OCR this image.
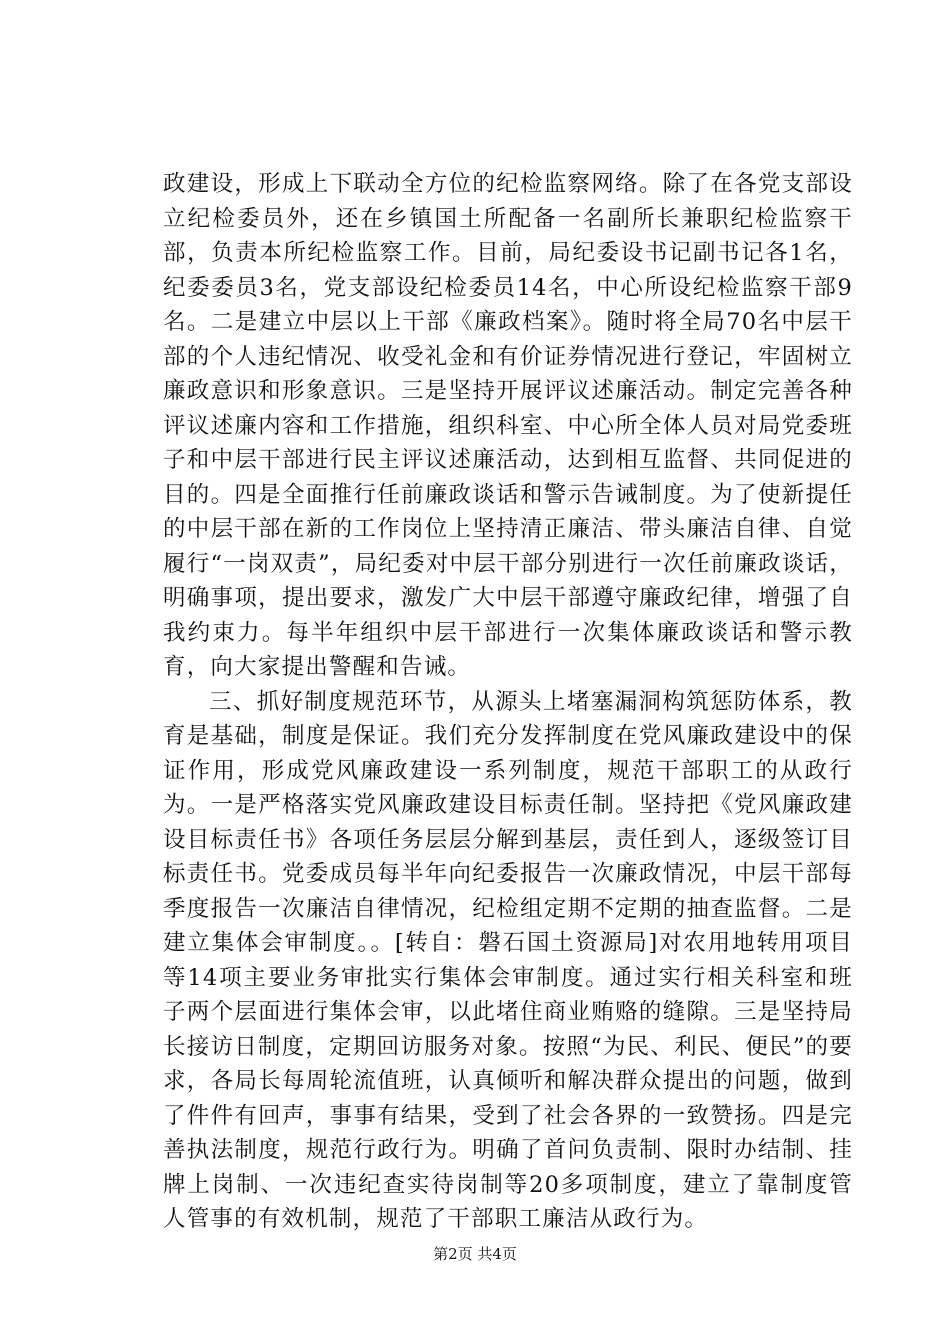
政建设，形成上下联动全方位的纪检监察网络。除了在各党支部设立纪检委员外，还在乡镇国土所配备一名副所长兼职纪检监察干部，负责本所纪检监察工作。目前，局纪委设书记副书记各1名，纪委委员3名，党支部设纪检委员14名，中心所设纪检监察干部9名。二是建立中层以上干部《廉政档案》。随时将全局70名中层干部的个人违纪情况、收受礼金和有价证券情况进行登记，牢固树立廉政意识和形象意识。三是坚持开展评议述廉活动。制定完善各种评议述廉内容和工作措施，组织科室、中心所全体人员对局党委班子和中层干部进行民主评议述廉活动，达到相互监督、共同促进的目的。四是全面推行任前廉政谈话和警示告诫制度。为了使新提任的中层干部在新的工作岗位上坚持清正廉洁、带头廉洁自律、自觉履行“一岗双责”，局纪委对中层干部分别进行一次任前廉政谈话，明确事项，提出要求，激发广大中层干部遵守廉政纪律，增强了自我约束力。每半年组织中层干部进行一次集体廉政谈话和警示教育，向大家提出警醒和告诫。

三、抓好制度规范环节，从源头上堵塞漏洞构筑惩防体系，教育是基础，制度是保证。我们充分发挥制度在党风廉政建设中的保证作用，形成党风廉政建设一系列制度，规范干部职工的从政行为。一是严格落实党风廉政建设目标责任制。坚持把《党风廉政建设目标责任书》各项任务层层分解到基层，责任到人，逐级签订目标责任书。党委成员每半年向纪委报告一次廉政情况，中层干部每季度报告一次廉洁自律情况，纪检组定期不定期的抽查监督。二是建立集体会审制度。。[转自：磐石国土资源局]对农用地转用项目等14项主要业务审批实行集体会审制度。通过实行相关科室和班子两个层面进行集体会审，以此堵住商业贿赂的缝隙。三是坚持局长接访日制度，定期回访服务对象。按照“为民、利民、便民”的要求，各局长每周轮流值班，认真倾听和解决群众提出的问题，做到了件件有回声，事事有结果，受到了社会各界的一致赞扬。四是完善执法制度，规范行政行为。明确了首问负责制、限时办结制、挂牌上岗制、一次违纪查实待岗制等20多项制度，建立了靠制度管人管事的有效机制，规范了干部职工廉洁从政行为。

第2页 共4页
